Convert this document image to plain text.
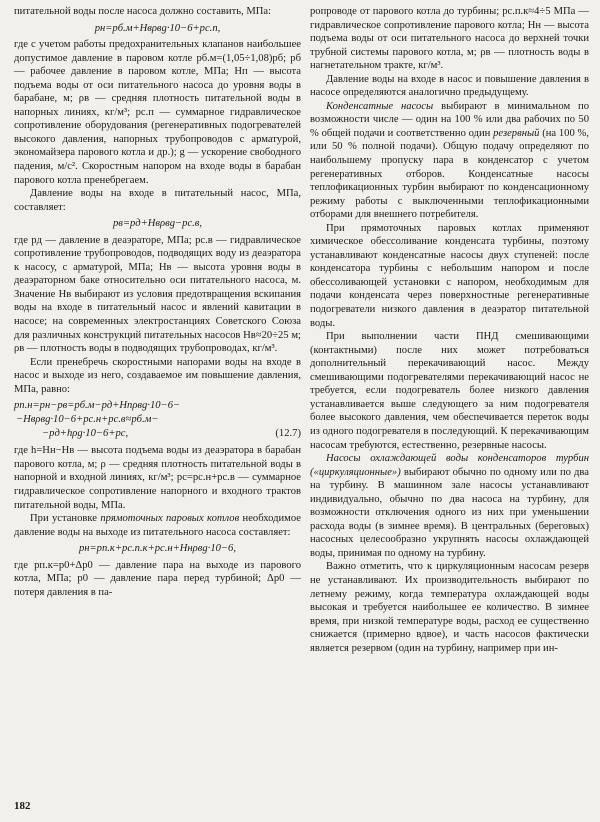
питательной воды после насоса должно составить, МПа:

pн=pб.м+Hвρвg·10−6+pс.п,

где с учетом работы предохранительных клапанов наибольшее допустимое давление в паровом котле pб.м=(1,05÷1,08)pб; pб — рабочее давление в паровом котле, МПа; Hп — высота подъема воды от оси питательного насоса до уровня воды в барабане, м; ρв — средняя плотность питательной воды в напорных линиях, кг/м³; pс.п — суммарное гидравлическое сопротивление оборудования (регенеративных подогревателей высокого давления, напорных трубопроводов с арматурой, экономайзера парового котла и др.); g — ускорение свободного падения, м/с². Скоростным напором на входе воды в барабан парового котла пренебрегаем.

Давление воды на входе в питательный насос, МПа, составляет:

pв=pд+Hвρвg−pс.в,

где pд — давление в деаэраторе, МПа; pс.в — гидравлическое сопротивление трубопроводов, подводящих воду из деаэратора к насосу, с арматурой, МПа; Hв — высота уровня воды в деаэраторном баке относительно оси питательного насоса, м. Значение Hв выбирают из условия предотвращения вскипания воды на входе в питательный насос и явлений кавитации в насосе; на современных электростанциях Советского Союза для различных конструкций питательных насосов Hв≈20÷25 м; ρв — плотность воды в подводящих трубопроводах, кг/м³.

Если пренебречь скоростными напорами воды на входе в насос и выходе из него, создаваемое им повышение давления, МПа, равно:

pп.н=pн−pв=pб.м−pд+Hпρвg·10−6−
−Hвρвg·10−6+pс.н+pс.в≈pб.м−
−pд+hρg·10−6+pс,	(12.7)

где h=Hн−Hв — высота подъема воды из деаэратора в барабан парового котла, м; ρ — средняя плотность питательной воды в напорной и входной линиях, кг/м³; pс=pс.н+pс.в — суммарное гидравлическое сопротивление напорного и входного трактов питательной воды, МПа.

При установке прямоточных паровых котлов необходимое давление воды на выходе из питательного насоса составляет:

pн=pп.к+pс.п.к+pс.н+Hнρвg·10−6,

где pп.к=p0+Δp0 — давление пара на выходе из парового котла, МПа; p0 — давление пара перед турбиной; Δp0 — потеря давления в па-

ропроводе от парового котла до турбины; pс.п.к≈4÷5 МПа — гидравлическое сопротивление парового котла; Hн — высота подъема воды от оси питательного насоса до верхней точки трубной системы парового котла, м; ρв — плотность воды в нагнетательном тракте, кг/м³.

Давление воды на входе в насос и повышение давления в насосе определяются аналогично предыдущему.

Конденсатные насосы выбирают в минимальном по возможности числе — один на 100 % или два рабочих по 50 % общей подачи и соответственно один резервный (на 100 %, или 50 % полной подачи). Общую подачу определяют по наибольшему пропуску пара в конденсатор с учетом регенеративных отборов. Конденсатные насосы теплофикационных турбин выбирают по конденсационному режиму работы с выключенными теплофикационными отборами для внешнего потребителя.

При прямоточных паровых котлах применяют химическое обессоливание конденсата турбины, поэтому устанавливают конденсатные насосы двух ступеней: после конденсатора турбины с небольшим напором и после обессоливающей установки с напором, необходимым для подачи конденсата через поверхностные регенеративные подогреватели низкого давления в деаэратор питательной воды.

При выполнении части ПНД смешивающими (контактными) после них может потребоваться дополнительный перекачивающий насос. Между смешивающими подогревателями перекачивающий насос не требуется, если подогреватель более низкого давления устанавливается выше следующего за ним подогревателя более высокого давления, чем обеспечивается переток воды из одного подогревателя в последующий. К перекачивающим насосам требуются, естественно, резервные насосы.

Насосы охлаждающей воды конденсаторов турбин («циркуляционные») выбирают обычно по одному или по два на турбину. В машинном зале насосы устанавливают индивидуально, обычно по два насоса на турбину, для возможности отключения одного из них при уменьшении расхода воды (в зимнее время). В центральных (береговых) насосных целесообразно укрупнять насосы охлаждающей воды, принимая по одному на турбину.

Важно отметить, что к циркуляционным насосам резерв не устанавливают. Их производительность выбирают по летнему режиму, когда температура охлаждающей воды высокая и требуется наибольшее ее количество. В зимнее время, при низкой температуре воды, расход ее существенно снижается (примерно вдвое), и часть насосов фактически является резервом (один на турбину, например при ин-

182
